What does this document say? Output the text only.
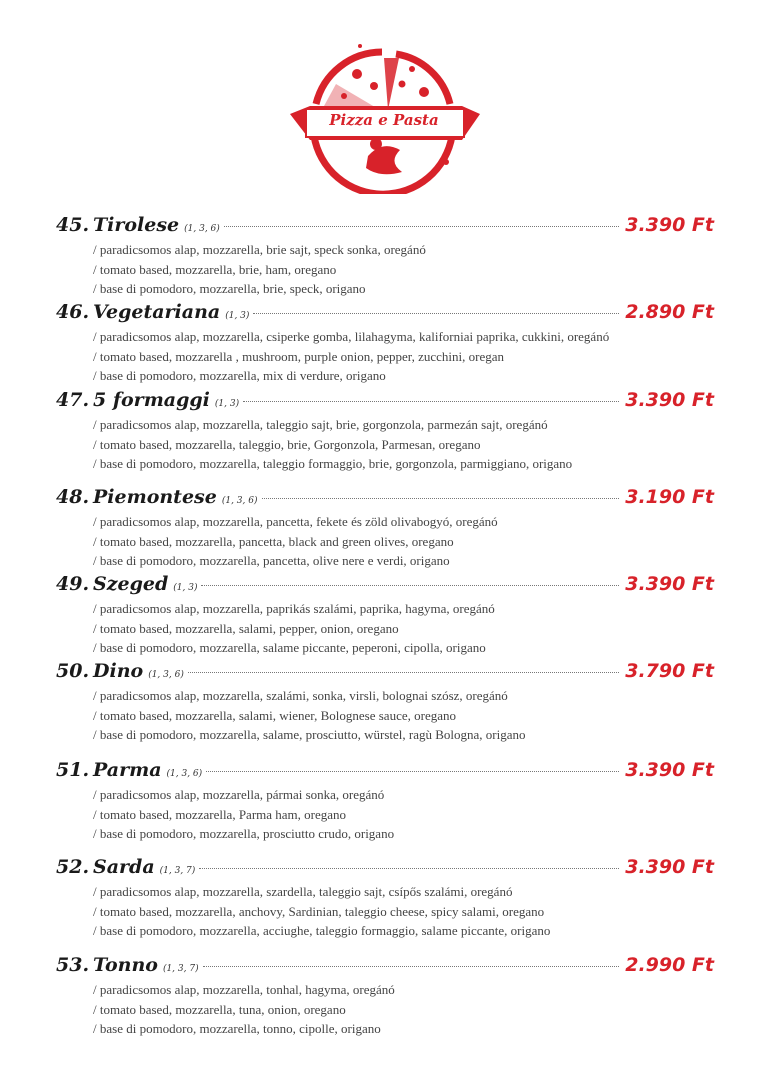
Pizza e Pasta
45. Tirolese (1, 3, 6)	3.390 Ft
/ paradicsomos alap, mozzarella, brie sajt, speck sonka, oregánó
/ tomato based, mozzarella, brie, ham, oregano
/ base di pomodoro, mozzarella, brie, speck, origano
46. Vegetariana (1, 3)	2.890 Ft
/ paradicsomos alap, mozzarella, csiperke gomba, lilahagyma, kaliforniai paprika, cukkini, oregánó
/ tomato based, mozzarella , mushroom, purple onion, pepper, zucchini, oregan
/ base di pomodoro, mozzarella, mix di verdure, origano
47. 5 formaggi (1, 3)	3.390 Ft
/ paradicsomos alap, mozzarella, taleggio sajt, brie, gorgonzola, parmezán sajt, oregánó
/ tomato based, mozzarella, taleggio, brie, Gorgonzola, Parmesan, oregano
/ base di pomodoro, mozzarella, taleggio formaggio, brie, gorgonzola, parmiggiano, origano
48. Piemontese (1, 3, 6)	3.190 Ft
/ paradicsomos alap, mozzarella, pancetta, fekete és zöld olivabogyó, oregánó
/ tomato based, mozzarella, pancetta, black and green olives, oregano
/ base di pomodoro, mozzarella, pancetta, olive nere e verdi, origano
49. Szeged (1, 3)	3.390 Ft
/ paradicsomos alap, mozzarella, paprikás szalámi, paprika, hagyma, oregánó
/ tomato based, mozzarella, salami, pepper, onion, oregano
/ base di pomodoro, mozzarella, salame piccante, peperoni, cipolla, origano
50. Dino (1, 3, 6)	3.790 Ft
/ paradicsomos alap, mozzarella, szalámi, sonka, virsli, bolognai szósz, oregánó
/ tomato based, mozzarella, salami, wiener, Bolognese sauce, oregano
/ base di pomodoro, mozzarella, salame, prosciutto, würstel, ragù Bologna, origano
51. Parma (1, 3, 6)	3.390 Ft
/ paradicsomos alap, mozzarella, pármai sonka, oregánó
/ tomato based, mozzarella, Parma ham, oregano
/ base di pomodoro, mozzarella, prosciutto crudo, origano
52. Sarda (1, 3, 7)	3.390 Ft
/ paradicsomos alap, mozzarella, szardella, taleggio sajt, csípős szalámi, oregánó
/ tomato based, mozzarella, anchovy, Sardinian, taleggio cheese, spicy salami, oregano
/ base di pomodoro, mozzarella, acciughe, taleggio formaggio, salame piccante, origano
53. Tonno (1, 3, 7)	2.990 Ft
/ paradicsomos alap, mozzarella, tonhal, hagyma, oregánó
/ tomato based, mozzarella, tuna, onion, oregano
/ base di pomodoro, mozzarella, tonno, cipolle, origano
